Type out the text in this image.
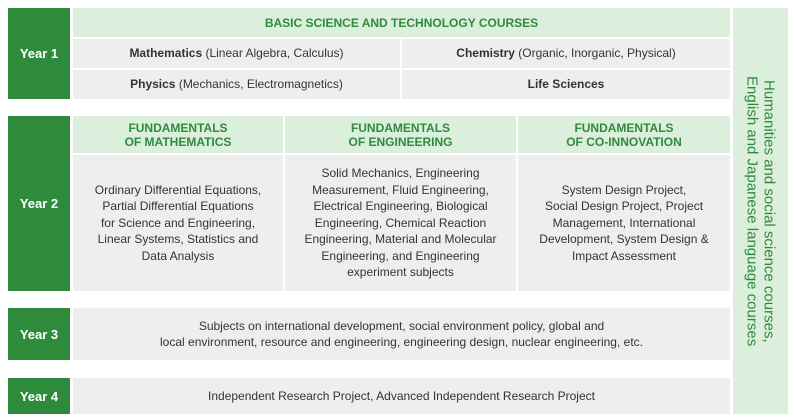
Year 1
Year 2
Year 3
Year 4
BASIC SCIENCE AND TECHNOLOGY COURSES
Mathematics (Linear Algebra, Calculus)	Chemistry (Organic, Inorganic, Physical)
Physics (Mechanics, Electromagnetics)	Life Sciences
FUNDAMENTALS
OF MATHEMATICS
FUNDAMENTALS
OF ENGINEERING
FUNDAMENTALS
OF CO-INNOVATION
Ordinary Differential Equations,
Partial Differential Equations
for Science and Engineering,
Linear Systems, Statistics and
Data Analysis
Solid Mechanics, Engineering
Measurement, Fluid Engineering,
Electrical Engineering, Biological
Engineering, Chemical Reaction
Engineering, Material and Molecular
Engineering, and Engineering
experiment subjects
System Design Project,
Social Design Project, Project
Management, International
Development, System Design &
Impact Assessment
Subjects on international development, social environment policy, global and
local environment, resource and engineering, engineering design, nuclear engineering, etc.
Independent Research Project, Advanced Independent Research Project
Humanities and social science courses,
English and Japanese language courses
